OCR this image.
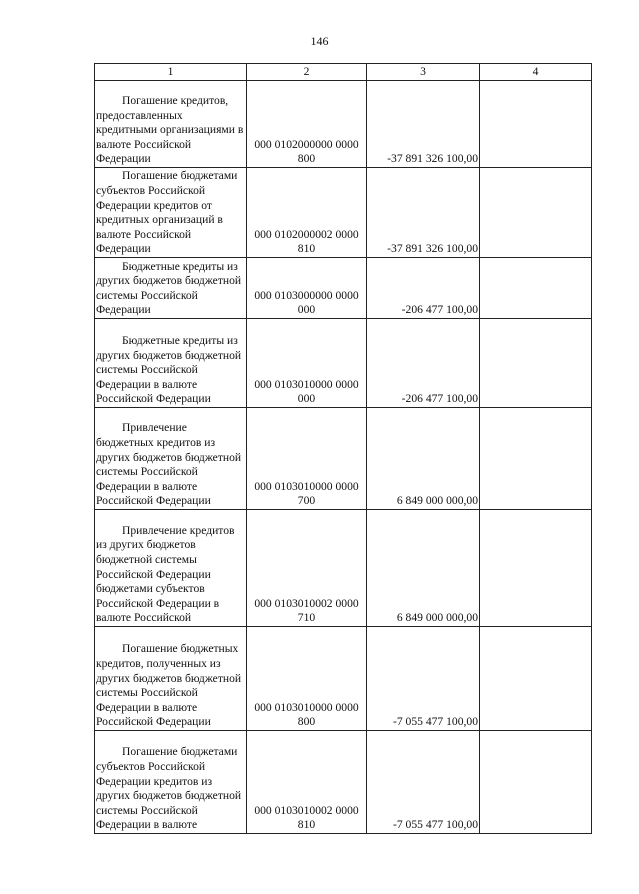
146
1	2	3	4
Погашение кредитов, предоставленных кредитными организациями в валюте Российской Федерации	000 0102000000 0000 800	-37 891 326 100,00	
Погашение бюджетами субъектов Российской Федерации кредитов от кредитных организаций в валюте Российской Федерации	000 0102000002 0000 810	-37 891 326 100,00	
Бюджетные кредиты из других бюджетов бюджетной системы Российской Федерации	000 0103000000 0000 000	-206 477 100,00	
Бюджетные кредиты из других бюджетов бюджетной системы Российской Федерации в валюте Российской Федерации	000 0103010000 0000 000	-206 477 100,00	
Привлечение бюджетных кредитов из других бюджетов бюджетной системы Российской Федерации в валюте Российской Федерации	000 0103010000 0000 700	6 849 000 000,00	
Привлечение кредитов из других бюджетов бюджетной системы Российской Федерации бюджетами субъектов Российской Федерации в валюте Российской	000 0103010002 0000 710	6 849 000 000,00	
Погашение бюджетных кредитов, полученных из других бюджетов бюджетной системы Российской Федерации в валюте Российской Федерации	000 0103010000 0000 800	-7 055 477 100,00	
Погашение бюджетами субъектов Российской Федерации кредитов из других бюджетов бюджетной системы Российской Федерации в валюте	000 0103010002 0000 810	-7 055 477 100,00	
